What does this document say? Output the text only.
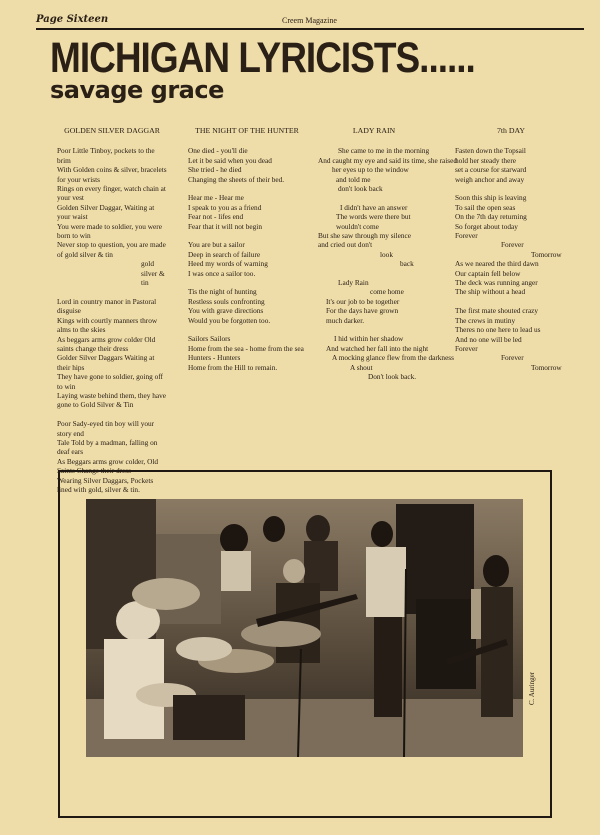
Page Sixteen	Creem Magazine
MICHIGAN LYRICISTS......
savage grace
GOLDEN SILVER DAGGAR
Poor Little Tinboy, pockets to the brim
With Golden coins & silver, bracelets for your wrists
Rings on every finger, watch chain at your vest
Golden Silver Daggar, Waiting at your waist
You were made to soldier, you were born to win
Never stop to question, you are made of gold silver & tin
gold silver & tin
Lord in country manor in Pastoral disguise
Kings with courtly manners throw alms to the skies
As beggars arms grow colder Old saints change their dress
Golder Silver Daggars Waiting at their hips
They have gone to soldier, going off to win
Laying waste behind them, they have gone to Gold Silver & Tin
Poor Sady-eyed tin boy will your story end
Tale Told by a madman, falling on deaf ears
As Beggars arms grow colder, Old Saints Change their dress
Wearing Silver Daggars, Pockets lined with gold, silver & tin.
THE NIGHT OF THE HUNTER
One died - you'll die
Let it be said when you dead
She tried - he died
Changing the sheets of their bed.
Hear me - Hear me
I speak to you as a friend
Fear not - lifes end
Fear that it will not begin
You are but a sailor
Deep in search of failure
Heed my words of warning
I was once a sailor too.
Tis the night of hunting
Restless souls confronting
You with grave directions
Would you be forgotten too.
Sailors Sailors
Home from the sea - home from the sea
Hunters - Hunters
Home from the Hill to remain.
LADY RAIN
She came to me in the morning
And caught my eye and said its time, she raised
her eyes up to the window
and told me
don't look back
I didn't have an answer
The words were there but
wouldn't come
But she saw through my silence
and cried out don't
look
back
Lady Rain
come home
It's our job to be together
For the days have grown
much darker.
I hid within her shadow
And watched her fall into the night
A mocking glance flew from the darkness
A shout
Don't look back.
7th DAY
Fasten down the Topsail
hold her steady there
set a course for starward
weigh anchor and away
Soon this ship is leaving
To sail the open seas
On the 7th day returning
So forget about today
Forever
Forever
Tomorrow
As we neared the third dawn
Our captain fell below
The deck was running anger
The ship without a head
The first mate shouted crazy
The crews in mutiny
Theres no one here to lead us
And no one will be led
Forever
Forever
Tomorrow
C. Auringer
